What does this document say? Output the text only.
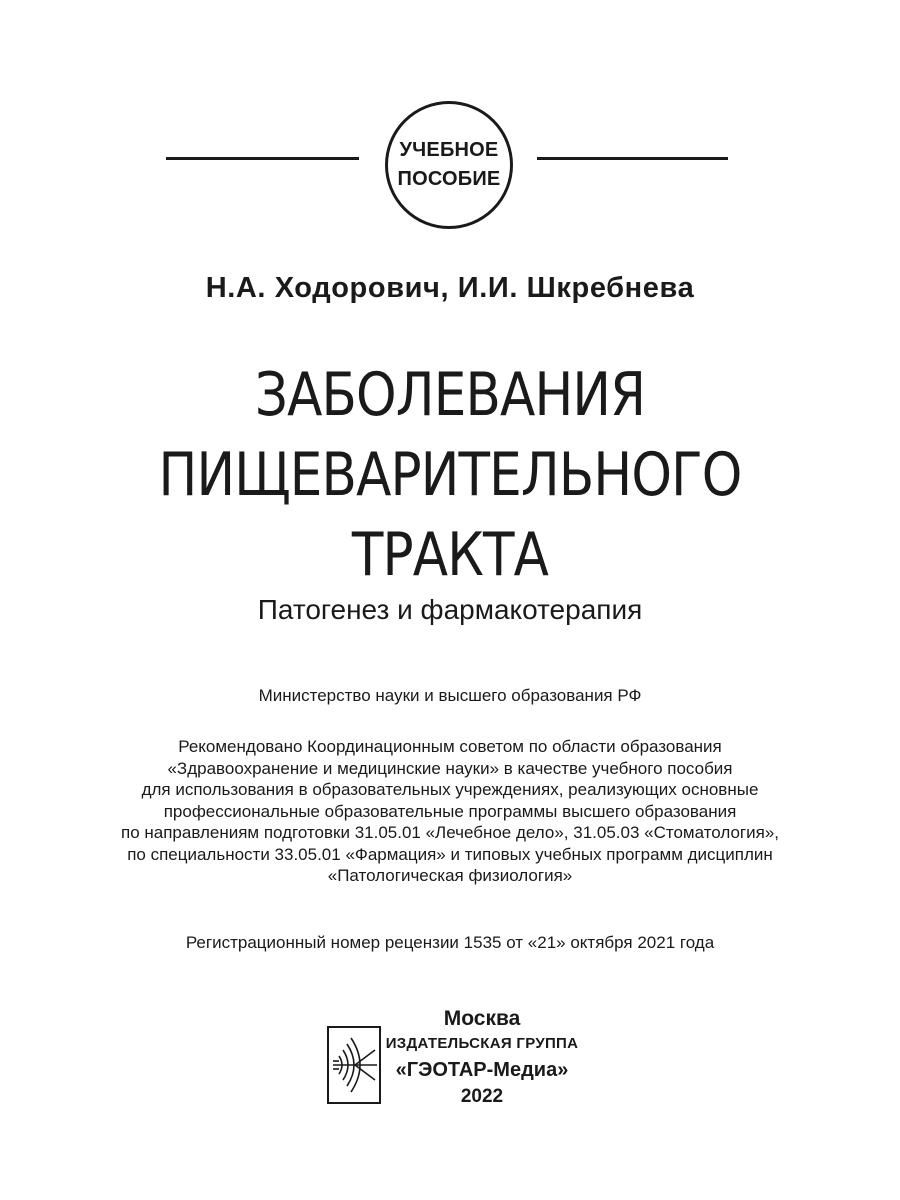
УЧЕБНОЕ
ПОСОБИЕ
Н.А. Ходорович, И.И. Шкребнева
ЗАБОЛЕВАНИЯ
ПИЩЕВАРИТЕЛЬНОГО
ТРАКТА
Патогенез и фармакотерапия
Министерство науки и высшего образования РФ
Рекомендовано Координационным советом по области образования
«Здравоохранение и медицинские науки» в качестве учебного пособия
для использования в образовательных учреждениях, реализующих основные
профессиональные образовательные программы высшего образования
по направлениям подготовки 31.05.01 «Лечебное дело», 31.05.03 «Стоматология»,
по специальности 33.05.01 «Фармация» и типовых учебных программ дисциплин
«Патологическая физиология»
Регистрационный номер рецензии 1535 от «21» октября 2021 года
Москва
ИЗДАТЕЛЬСКАЯ ГРУППА
«ГЭОТАР-Медиа»
2022
